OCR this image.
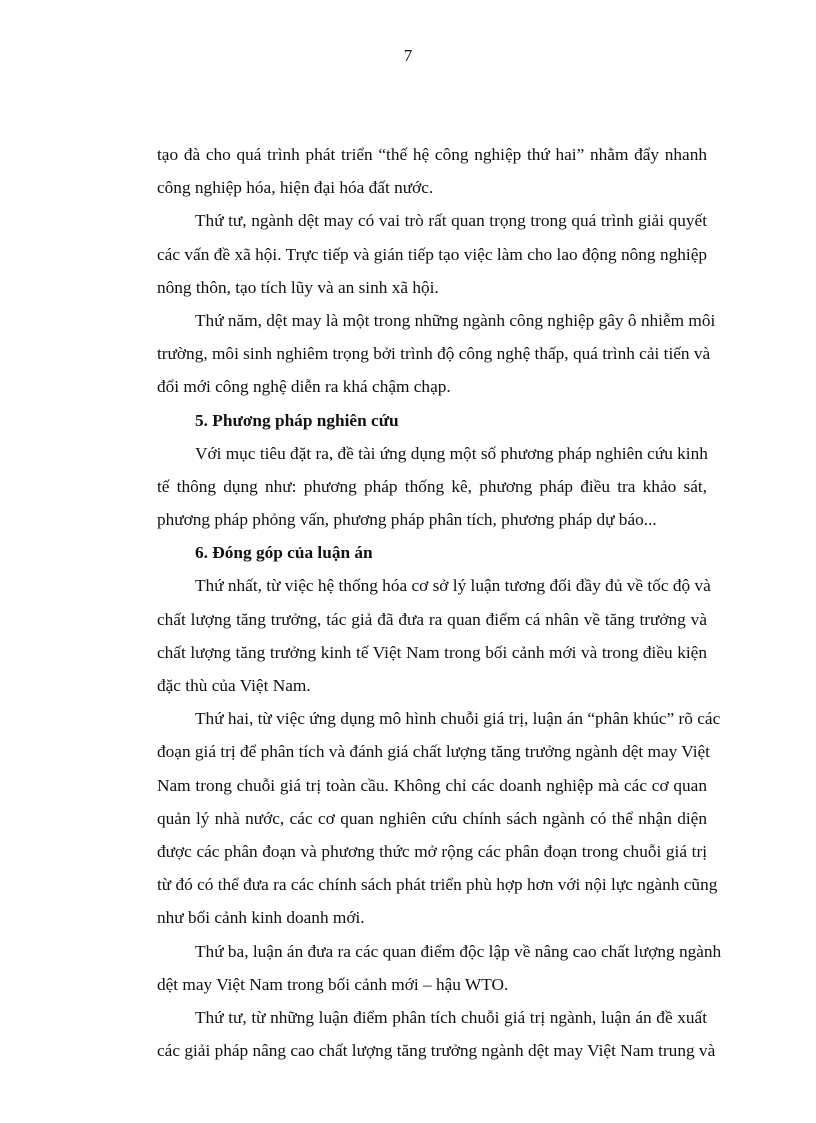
7
tạo đà cho quá trình phát triển “thế hệ công nghiệp thứ hai” nhằm đẩy nhanh
công nghiệp hóa, hiện đại hóa đất nước.
Thứ tư, ngành dệt may có vai trò rất quan trọng trong quá trình giải quyết
các vấn đề xã hội. Trực tiếp và gián tiếp tạo việc làm cho lao động nông nghiệp
nông thôn, tạo tích lũy và an sinh xã hội.
Thứ năm, dệt may là một trong những ngành công nghiệp gây ô nhiễm môi
trường, môi sinh nghiêm trọng bởi trình độ công nghệ thấp, quá trình cải tiến và
đổi mới công nghệ diễn ra khá chậm chạp.
5. Phương pháp nghiên cứu
Với mục tiêu đặt ra, đề tài ứng dụng một số phương pháp nghiên cứu kinh
tế thông dụng như: phương pháp thống kê, phương pháp điều tra khảo sát,
phương pháp phỏng vấn, phương pháp phân tích, phương pháp dự báo...
6. Đóng góp của luận án
Thứ nhất, từ việc hệ thống hóa cơ sở lý luận tương đối đầy đủ về tốc độ và
chất lượng tăng trưởng, tác giả đã đưa ra quan điểm cá nhân về tăng trưởng và
chất lượng tăng trưởng kinh tế Việt Nam trong bối cảnh mới và trong điều kiện
đặc thù của Việt Nam.
Thứ hai, từ việc ứng dụng mô hình chuỗi giá trị, luận án “phân khúc” rõ các
đoạn giá trị để phân tích và đánh giá chất lượng tăng trưởng ngành dệt may Việt
Nam trong chuỗi giá trị toàn cầu. Không chỉ các doanh nghiệp mà các cơ quan
quản lý nhà nước, các cơ quan nghiên cứu chính sách ngành có thể nhận diện
được các phân đoạn và phương thức mở rộng các phân đoạn trong chuỗi giá trị
từ đó có thể đưa ra các chính sách phát triển phù hợp hơn với nội lực ngành cũng
như bối cảnh kinh doanh mới.
Thứ ba, luận án đưa ra các quan điểm độc lập về nâng cao chất lượng ngành
dệt may Việt Nam trong bối cảnh mới – hậu WTO.
Thứ tư, từ những luận điểm phân tích chuỗi giá trị ngành, luận án đề xuất
các giải pháp nâng cao chất lượng tăng trưởng ngành dệt may Việt Nam trung và
